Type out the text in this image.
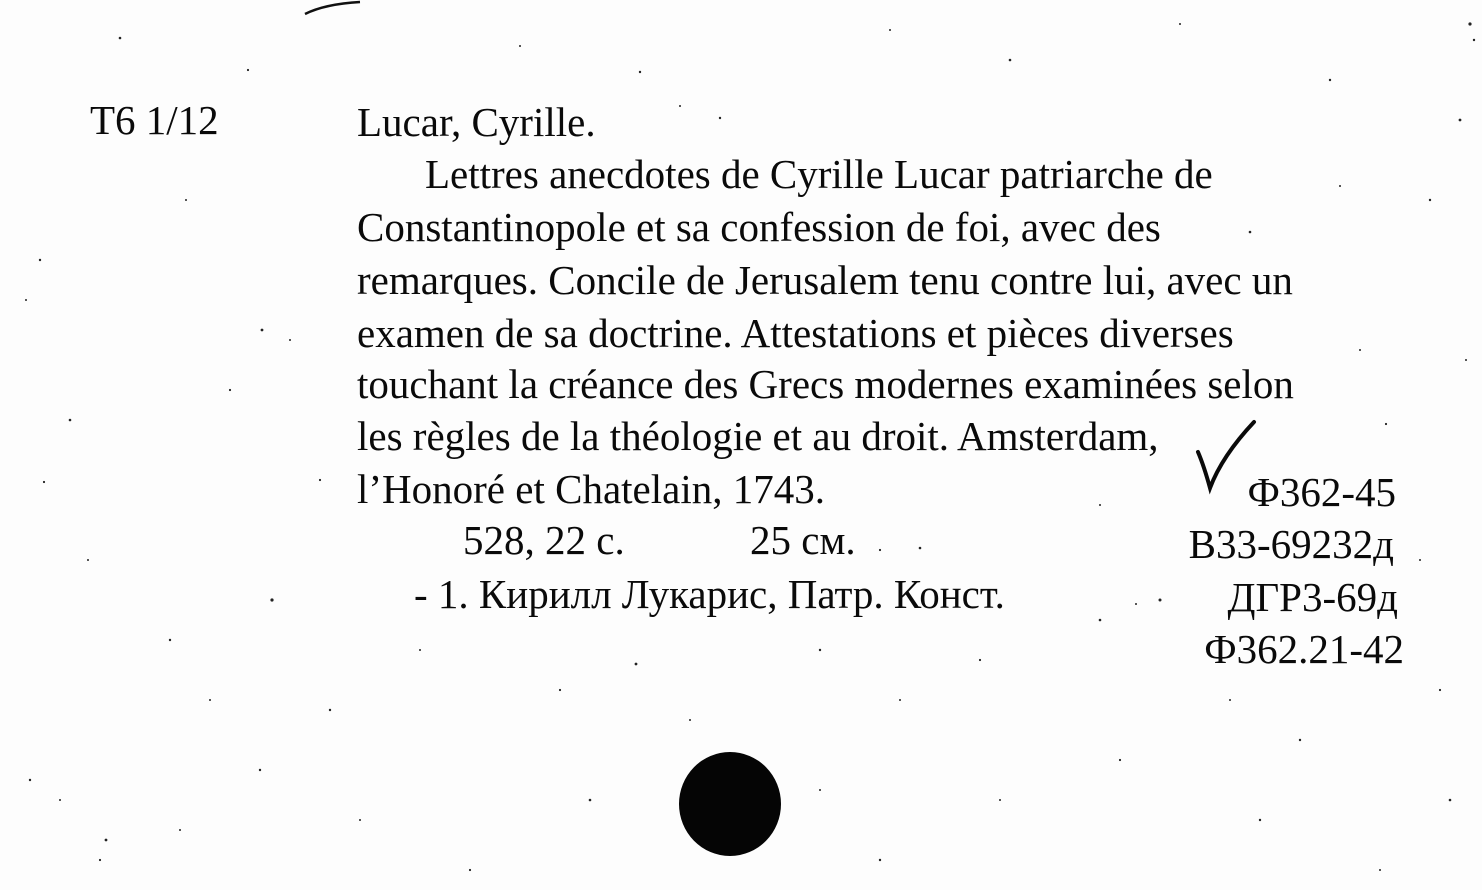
Т6 1/12	Lucar, Cyrille.
Lettres anecdotes de Cyrille Lucar patriarche de
Constantinopole et sa confession de foi, avec des
remarques. Concile de Jerusalem tenu contre lui, avec un
examen de sa doctrine. Attestations et pièces diverses
touchant la créance des Grecs modernes examinées selon
les règles de la théologie et au droit. Amsterdam,
l’Honoré et Chatelain, 1743.
528, 22 с.	25 см.
- 1. Кирилл Лукарис, Патр. Конст.
Ф362-45
В33-69232д
ДГР3-69д
Ф362.21-42
